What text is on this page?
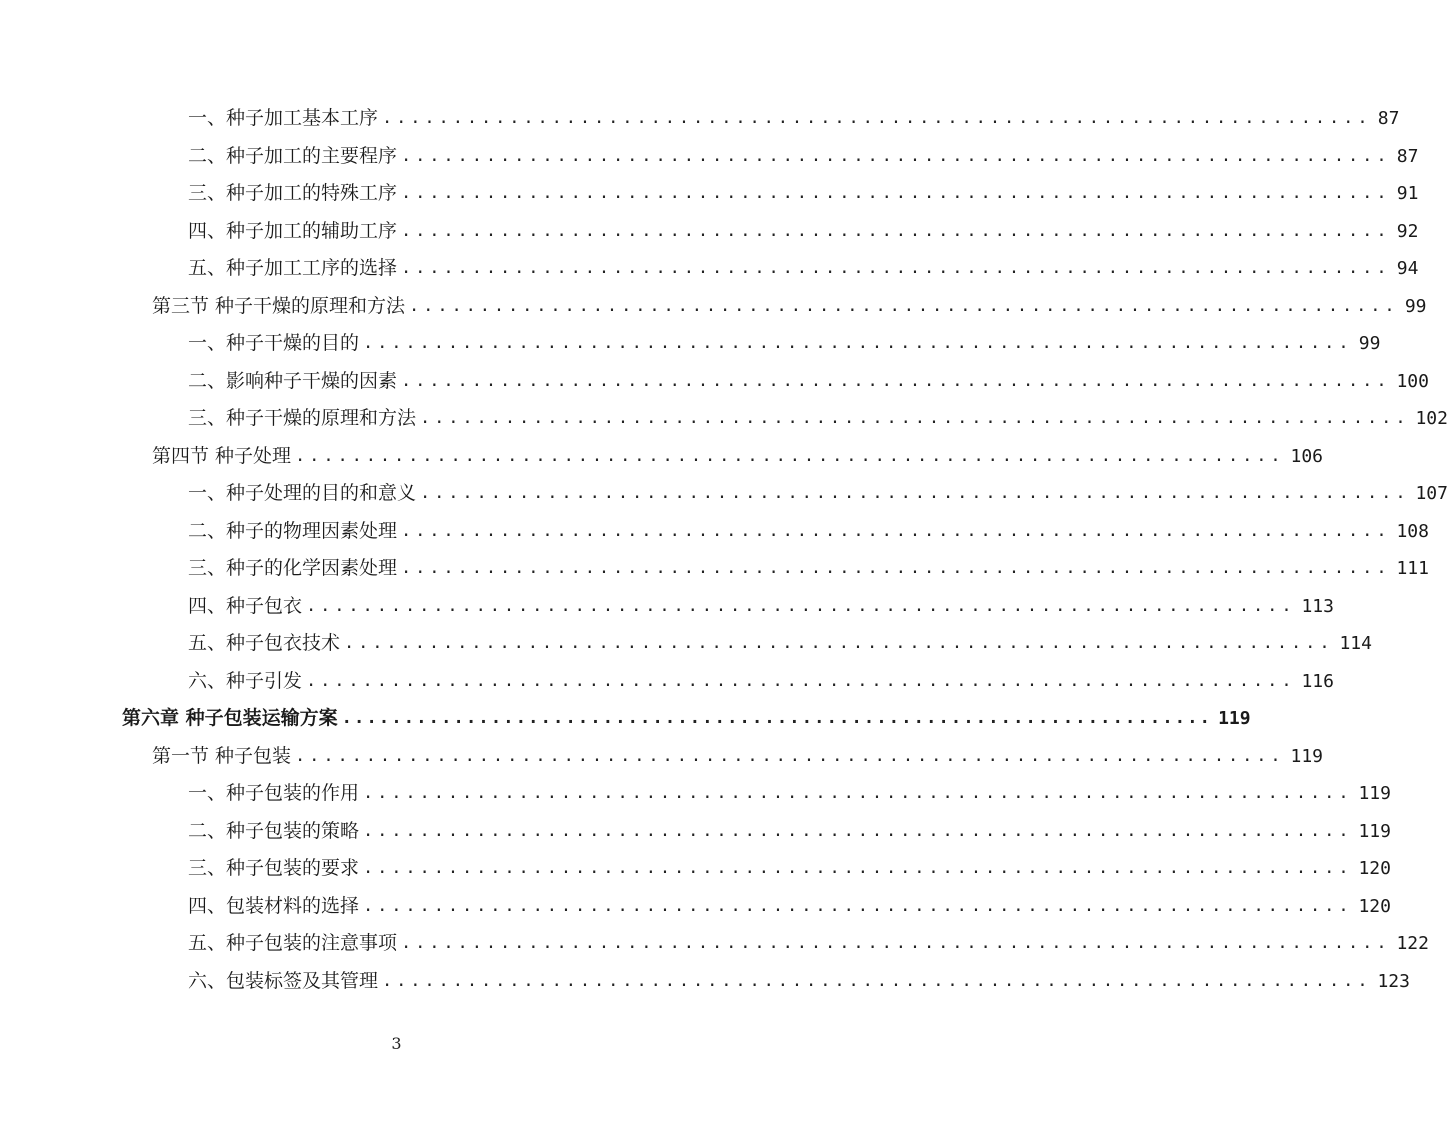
一、种子加工基本工序 ...................................................................... 87
二、种子加工的主要程序 ...................................................................... 87
三、种子加工的特殊工序 ...................................................................... 91
四、种子加工的辅助工序 ...................................................................... 92
五、种子加工工序的选择 ...................................................................... 94
第三节 种子干燥的原理和方法 ...................................................................... 99
一、种子干燥的目的 ...................................................................... 99
二、影响种子干燥的因素 ...................................................................... 100
三、种子干燥的原理和方法 ...................................................................... 102
第四节 种子处理 ...................................................................... 106
一、种子处理的目的和意义 ...................................................................... 107
二、种子的物理因素处理 ...................................................................... 108
三、种子的化学因素处理 ...................................................................... 111
四、种子包衣 ...................................................................... 113
五、种子包衣技术 ...................................................................... 114
六、种子引发 ...................................................................... 116
第六章 种子包装运输方案 ...................................................................... 119
第一节 种子包装 ...................................................................... 119
一、种子包装的作用 ...................................................................... 119
二、种子包装的策略 ...................................................................... 119
三、种子包装的要求 ...................................................................... 120
四、包装材料的选择 ...................................................................... 120
五、种子包装的注意事项 ...................................................................... 122
六、包装标签及其管理 ...................................................................... 123
3
